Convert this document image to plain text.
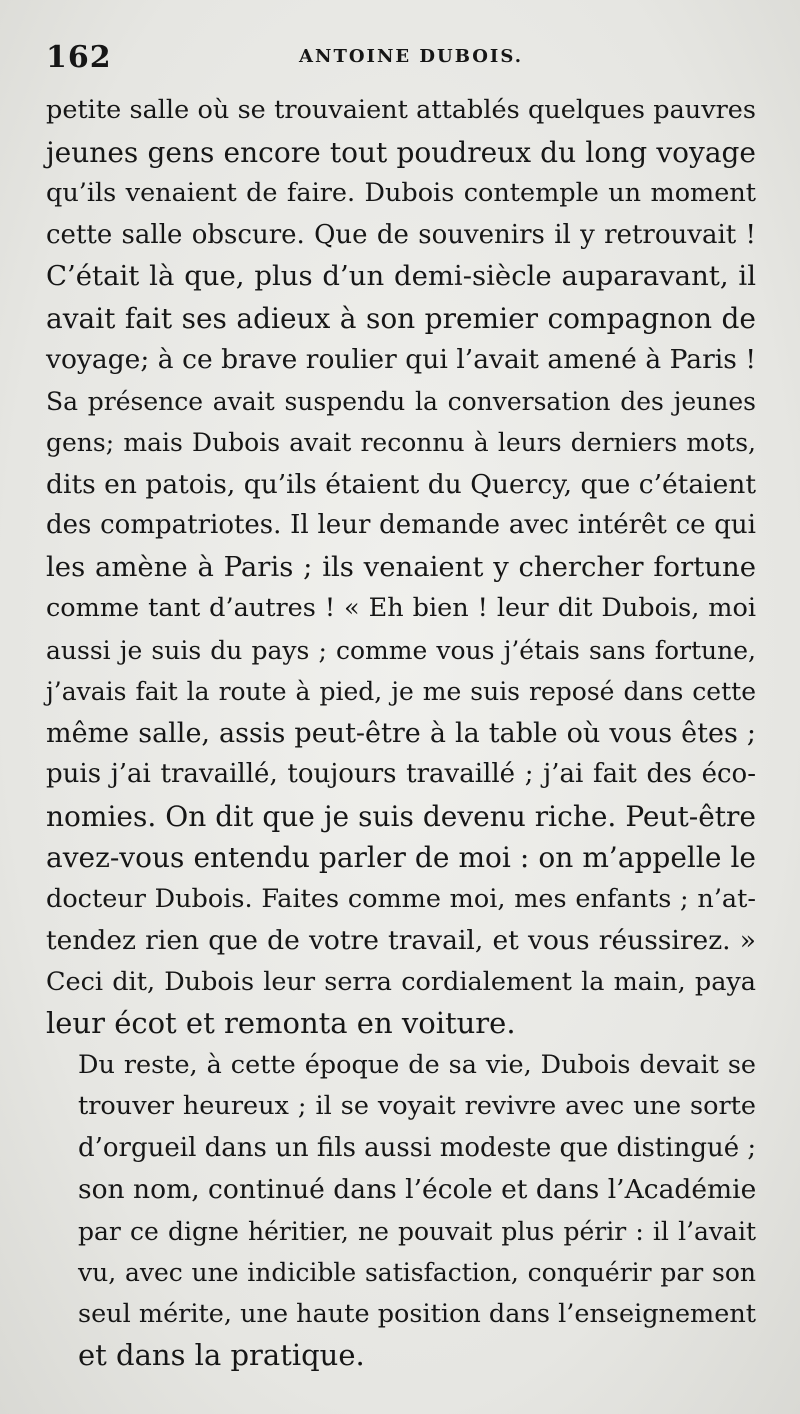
162	ANTOINE DUBOIS.

petite salle où se trouvaient attablés quelques pauvres
jeunes gens encore tout poudreux du long voyage
qu’ils venaient de faire. Dubois contemple un moment
cette salle obscure. Que de souvenirs il y retrouvait !
C’était là que, plus d’un demi-siècle auparavant, il
avait fait ses adieux à son premier compagnon de
voyage; à ce brave roulier qui l’avait amené à Paris !
Sa présence avait suspendu la conversation des jeunes
gens; mais Dubois avait reconnu à leurs derniers mots,
dits en patois, qu’ils étaient du Quercy, que c’étaient
des compatriotes. Il leur demande avec intérêt ce qui
les amène à Paris ; ils venaient y chercher fortune
comme tant d’autres ! « Eh bien ! leur dit Dubois, moi
aussi je suis du pays ; comme vous j’étais sans fortune,
j’avais fait la route à pied, je me suis reposé dans cette
même salle, assis peut-être à la table où vous êtes ;
puis j’ai travaillé, toujours travaillé ; j’ai fait des éco-
nomies. On dit que je suis devenu riche. Peut-être
avez-vous entendu parler de moi : on m’appelle le
docteur Dubois. Faites comme moi, mes enfants ; n’at-
tendez rien que de votre travail, et vous réussirez. »
Ceci dit, Dubois leur serra cordialement la main, paya
leur écot et remonta en voiture.

Du reste, à cette époque de sa vie, Dubois devait se
trouver heureux ; il se voyait revivre avec une sorte
d’orgueil dans un fils aussi modeste que distingué ;
son nom, continué dans l’école et dans l’Académie
par ce digne héritier, ne pouvait plus périr : il l’avait
vu, avec une indicible satisfaction, conquérir par son
seul mérite, une haute position dans l’enseignement
et dans la pratique.
